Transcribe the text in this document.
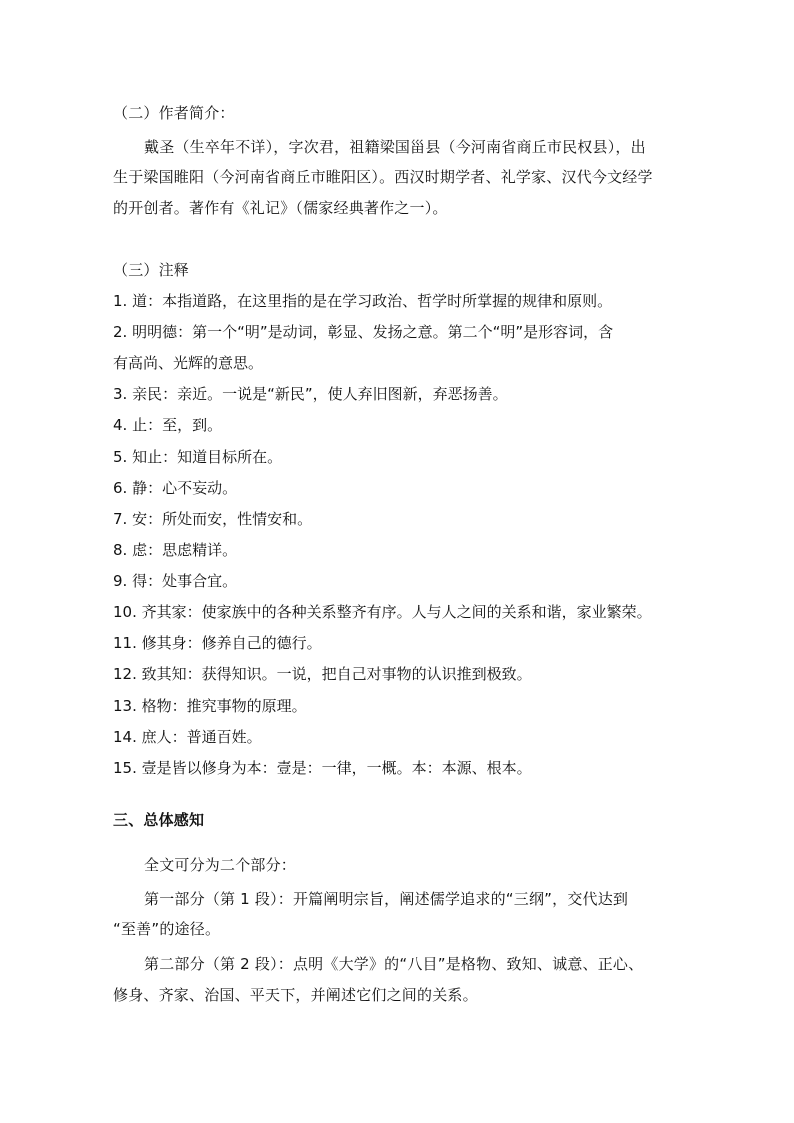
（二）作者简介：
戴圣（生卒年不详），字次君，祖籍梁国甾县（今河南省商丘市民权县），出
生于梁国睢阳（今河南省商丘市睢阳区）。西汉时期学者、礼学家、汉代今文经学
的开创者。著作有《礼记》（儒家经典著作之一）。
（三）注释
1. 道：本指道路，在这里指的是在学习政治、哲学时所掌握的规律和原则。
2. 明明德：第一个“明”是动词，彰显、发扬之意。第二个“明”是形容词，含
有高尚、光辉的意思。
3. 亲民：亲近。一说是“新民”，使人弃旧图新，弃恶扬善。
4. 止：至，到。
5. 知止：知道目标所在。
6. 静：心不妄动。
7. 安：所处而安，性情安和。
8. 虑：思虑精详。
9. 得：处事合宜。
10. 齐其家：使家族中的各种关系整齐有序。人与人之间的关系和谐，家业繁荣。
11. 修其身：修养自己的德行。
12. 致其知：获得知识。一说，把自己对事物的认识推到极致。
13. 格物：推究事物的原理。
14. 庶人：普通百姓。
15. 壹是皆以修身为本：壹是：一律，一概。本：本源、根本。
三、总体感知
全文可分为二个部分：
第一部分（第 1 段）：开篇阐明宗旨，阐述儒学追求的“三纲”，交代达到
“至善”的途径。
第二部分（第 2 段）：点明《大学》的“八目”是格物、致知、诚意、正心、
修身、齐家、治国、平天下，并阐述它们之间的关系。
